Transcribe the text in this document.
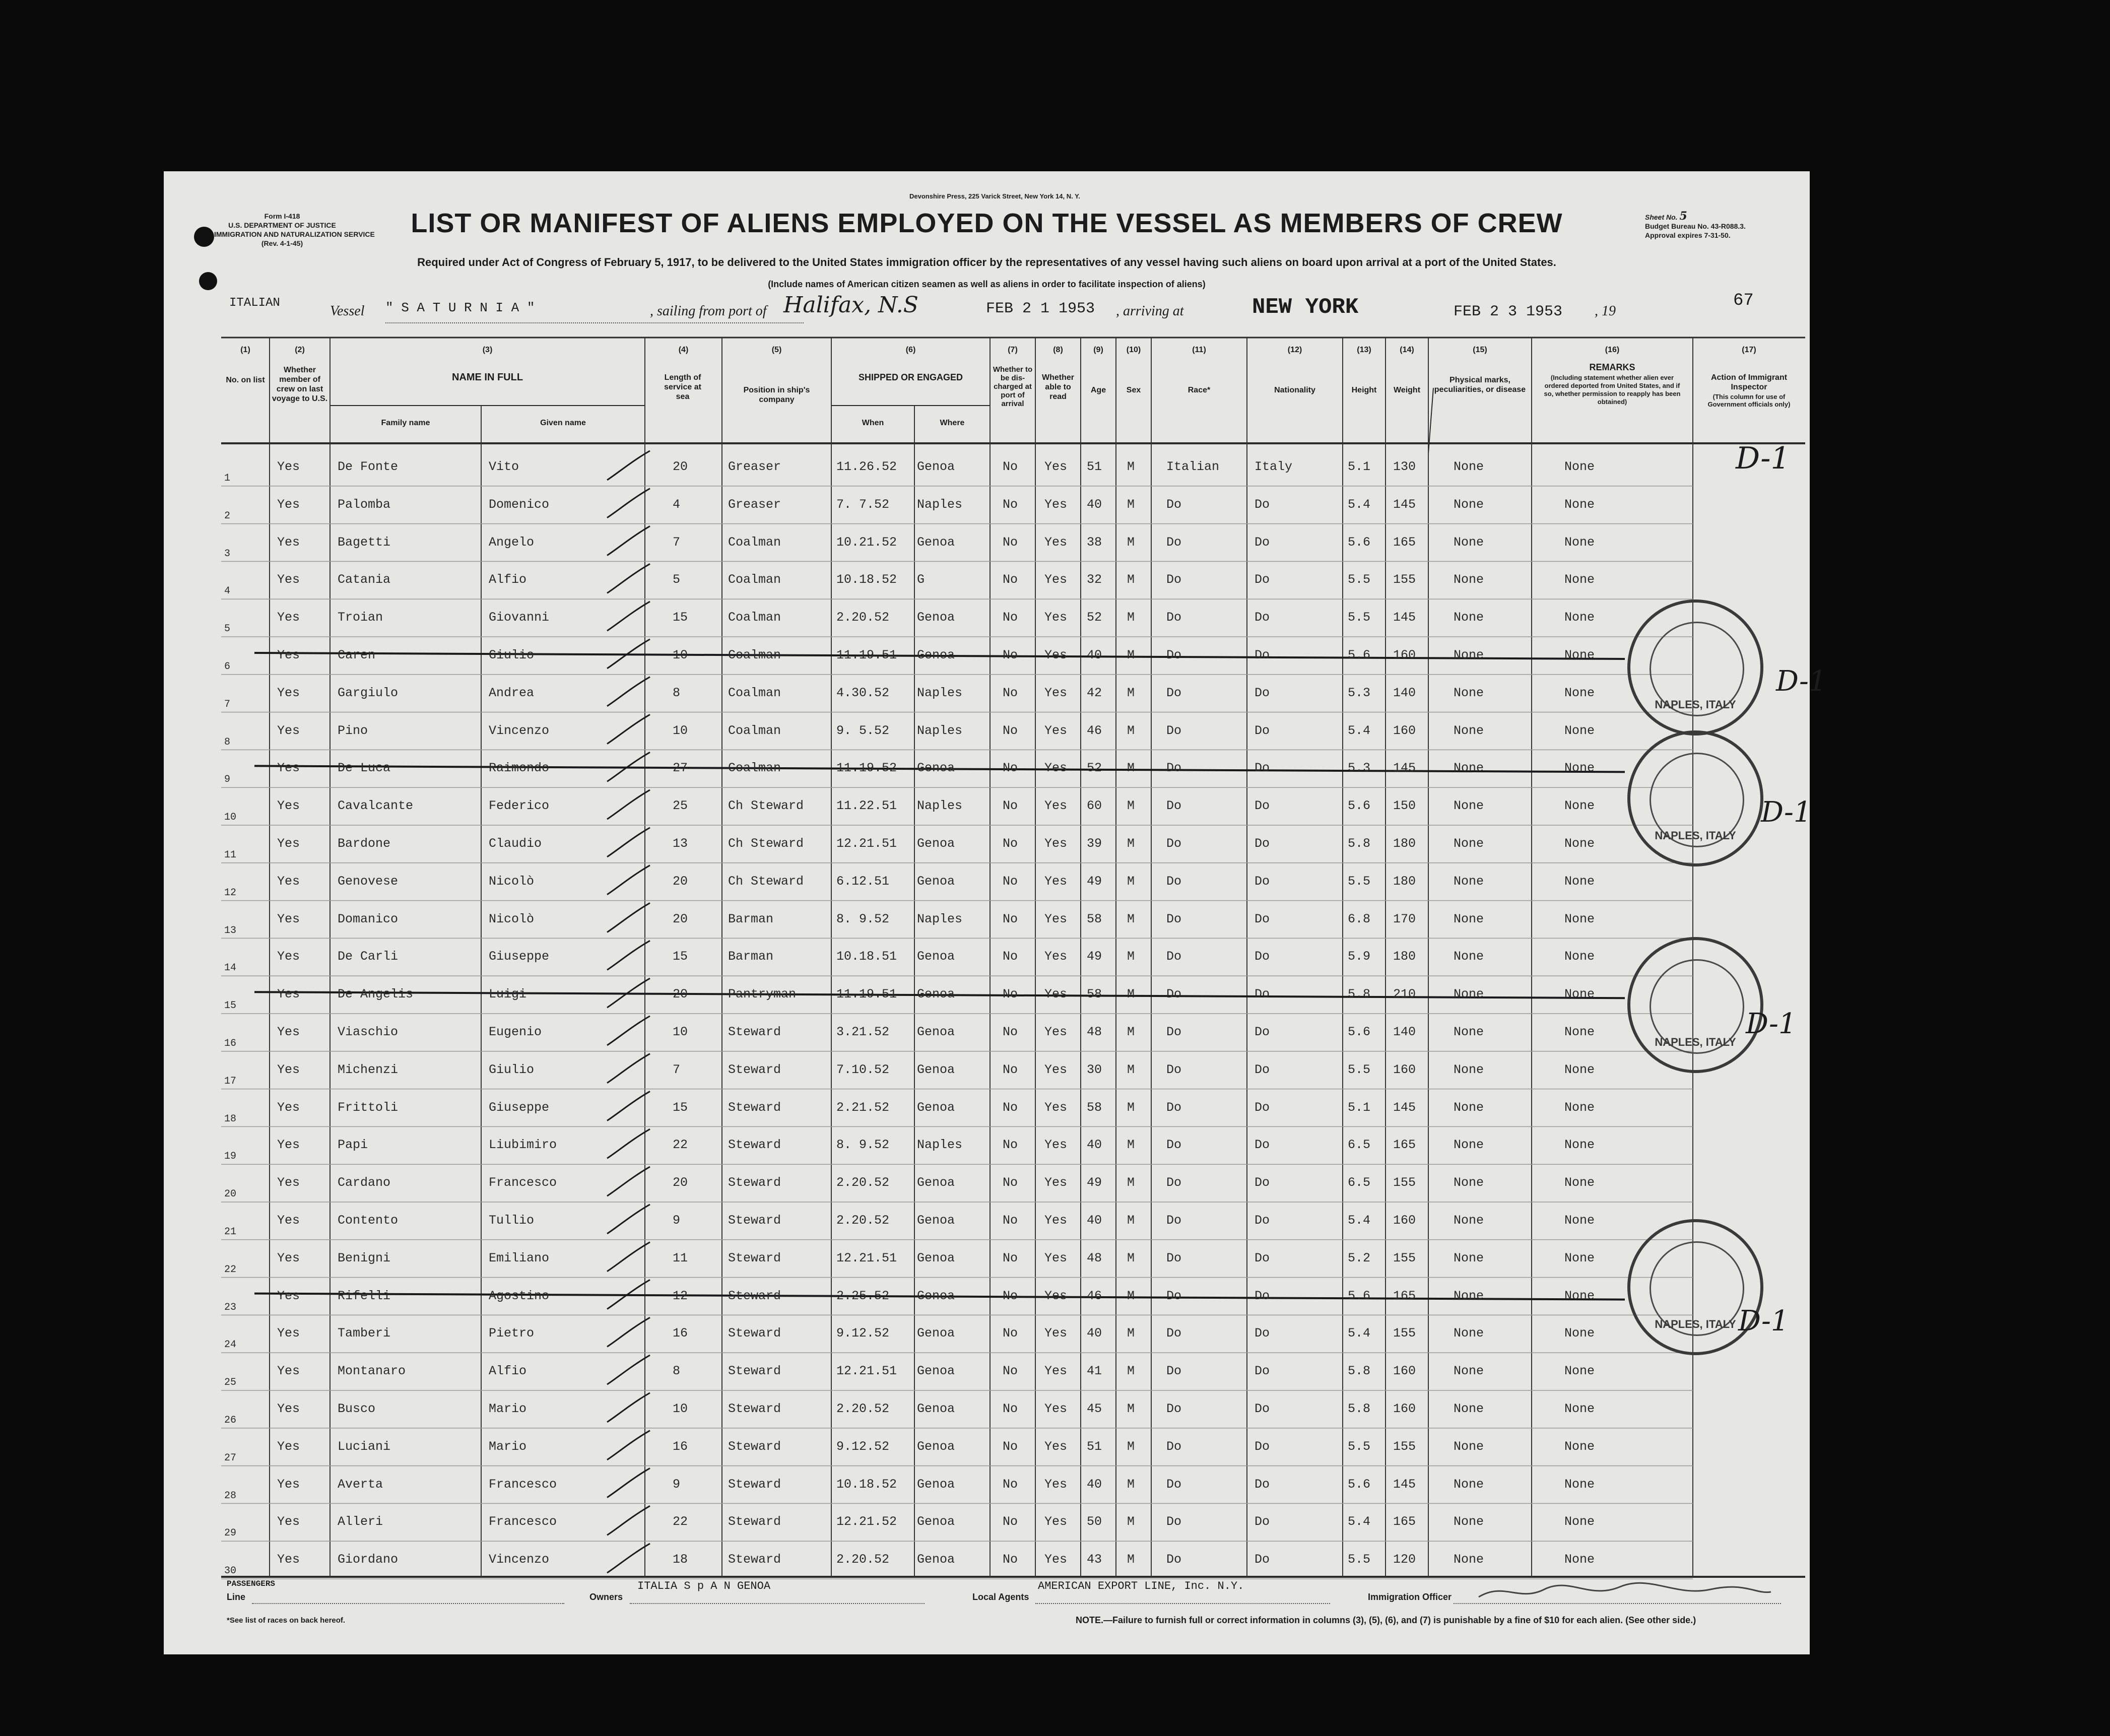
Devonshire Press, 225 Varick Street, New York 14, N. Y.
Form I-418
U.S. DEPARTMENT OF JUSTICE
IMMIGRATION AND NATURALIZATION SERVICE
(Rev. 4-1-45)
LIST OR MANIFEST OF ALIENS EMPLOYED ON THE VESSEL AS MEMBERS OF CREW
Required under Act of Congress of February 5, 1917, to be delivered to the United States immigration officer by the representatives of any vessel having such aliens on board upon arrival at a port of the United States.
(Include names of American citizen seamen as well as aliens in order to facilitate inspection of aliens)
Sheet No. 5
Budget Bureau No. 43-R088.3.
Approval expires 7-31-50.
ITALIAN
Vessel " S A T U R N I A "	, sailing from port of Halifax, N.S	FEB 2 1 1953 , arriving at	NEW YORK	FEB 2 3 1953 , 19
67
(1)
No. on list
(2)
Whether member of crew on last voyage to U.S.
(3)
NAME IN FULL
Family name	Given name
(4)
Length of service at sea
(5)
Position in ship's company
(6)
SHIPPED OR ENGAGED
When	Where
(7)
Whether to be dis-charged at port of arrival
(8)
Whether able to read
(9)
Age
(10)
Sex
(11)
Race*
(12)
Nationality
(13)
Height
(14)
Weight
(15)
Physical marks, peculiarities, or disease
(16)
REMARKS
(Including statement whether alien ever ordered deported from United States, and if so, whether permission to reapply has been obtained)
(17)
Action of Immigrant Inspector
(This column for use of Government officials only)
1
Yes	De Fonte	Vito	20	Greaser	11.26.52 Genoa	No Yes 51 M	Italian	Italy	5.1 130	None	None
2
Yes	Palomba	Domenico	4	Greaser	7. 7.52 Naples	No Yes 40 M	Do	Do	5.4 145	None	None
3
Yes	Bagetti	Angelo	7	Coalman	10.21.52 Genoa	No Yes 38 M	Do	Do	5.6 165	None	None
4
Yes	Catania	Alfio	5	Coalman	10.18.52 G	No Yes 32 M	Do	Do	5.5 155	None	None
5
Yes	Troian	Giovanni	15	Coalman	2.20.52 Genoa	No Yes 52 M	Do	Do	5.5 145	None	None
6
Yes	Caren	Giulio	10	Coalman	11.19.51 Genoa	No Yes 40 M	Do	Do	5.6 160	None	None
7
Yes	Gargiulo	Andrea	8	Coalman	4.30.52 Naples	No Yes 42 M	Do	Do	5.3 140	None	None
8
Yes	Pino	Vincenzo	10	Coalman	9. 5.52 Naples	No Yes 46 M	Do	Do	5.4 160	None	None
9
Yes	De Luca	Raimondo	27	Coalman	11.19.52 Genoa	No Yes 52 M	Do	Do	5.3 145	None	None
10
Yes	Cavalcante	Federico	25	Ch Steward	11.22.51 Naples	No Yes 60 M	Do	Do	5.6 150	None	None
11
Yes	Bardone	Claudio	13	Ch Steward	12.21.51 Genoa	No Yes 39 M	Do	Do	5.8 180	None	None
12
Yes	Genovese	Nicolò	20	Ch Steward	6.12.51 Genoa	No Yes 49 M	Do	Do	5.5 180	None	None
13
Yes	Domanico	Nicolò	20	Barman	8. 9.52 Naples	No Yes 58 M	Do	Do	6.8 170	None	None
14
Yes	De Carli	Giuseppe	15	Barman	10.18.51 Genoa	No Yes 49 M	Do	Do	5.9 180	None	None
15
Yes	De Angelis	Luigi	20	Pantryman	11.19.51 Genoa	No Yes 58 M	Do	Do	5.8 210	None	None
16
Yes	Viaschio	Eugenio	10	Steward	3.21.52 Genoa	No Yes 48 M	Do	Do	5.6 140	None	None
17
Yes	Michenzi	Giulio	7	Steward	7.10.52 Genoa	No Yes 30 M	Do	Do	5.5 160	None	None
18
Yes	Frittoli	Giuseppe	15	Steward	2.21.52 Genoa	No Yes 58 M	Do	Do	5.1 145	None	None
19
Yes	Papi	Liubimiro	22	Steward	8. 9.52 Naples	No Yes 40 M	Do	Do	6.5 165	None	None
20
Yes	Cardano	Francesco	20	Steward	2.20.52 Genoa	No Yes 49 M	Do	Do	6.5 155	None	None
21
Yes	Contento	Tullio	9	Steward	2.20.52 Genoa	No Yes 40 M	Do	Do	5.4 160	None	None
22
Yes	Benigni	Emiliano	11	Steward	12.21.51 Genoa	No Yes 48 M	Do	Do	5.2 155	None	None
23
Yes	Rifelli	Agostino	12	Steward	2.25.52 Genoa	No Yes 46 M	Do	Do	5.6 165	None	None
24
Yes	Tamberi	Pietro	16	Steward	9.12.52 Genoa	No Yes 40 M	Do	Do	5.4 155	None	None
25
Yes	Montanaro	Alfio	8	Steward	12.21.51 Genoa	No Yes 41 M	Do	Do	5.8 160	None	None
26
Yes	Busco	Mario	10	Steward	2.20.52 Genoa	No Yes 45 M	Do	Do	5.8 160	None	None
27
Yes	Luciani	Mario	16	Steward	9.12.52 Genoa	No Yes 51 M	Do	Do	5.5 155	None	None
28
Yes	Averta	Francesco	9	Steward	10.18.52 Genoa	No Yes 40 M	Do	Do	5.6 145	None	None
29
Yes	Alleri	Francesco	22	Steward	12.21.52 Genoa	No Yes 50 M	Do	Do	5.4 165	None	None
30
Yes	Giordano	Vincenzo	18	Steward	2.20.52 Genoa	No Yes 43 M	Do	Do	5.5 120	None	None
NAPLES, ITALY
NAPLES, ITALY
NAPLES, ITALY
NAPLES, ITALY
D-1
D-1
D-1
D-1
D-1
PASSENGERS
Line	Owners
ITALIA S p A N GENOA
Local Agents
AMERICAN EXPORT LINE, Inc. N.Y.
Immigration Officer
*See list of races on back hereof.	NOTE.—Failure to furnish full or correct information in columns (3), (5), (6), and (7) is punishable by a fine of $10 for each alien. (See other side.)
